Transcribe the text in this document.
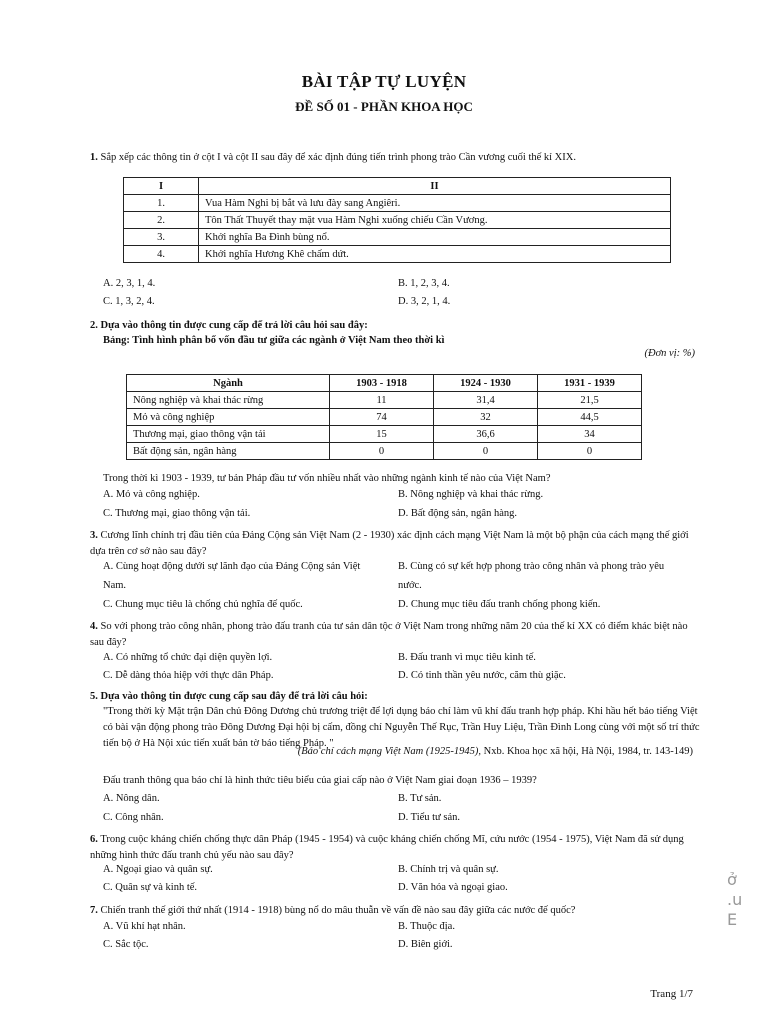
BÀI TẬP TỰ LUYỆN
ĐỀ SỐ 01 - PHẦN KHOA HỌC
1. Sắp xếp các thông tin ở cột I và cột II sau đây để xác định đúng tiến trình phong trào Cần vương cuối thế kỉ XIX.
I	II
1.	Vua Hàm Nghi bị bắt và lưu đày sang Angiêri.
2.	Tôn Thất Thuyết thay mặt vua Hàm Nghi xuống chiếu Cần Vương.
3.	Khởi nghĩa Ba Đình bùng nổ.
4.	Khởi nghĩa Hương Khê chấm dứt.
A. 2, 3, 1, 4.	B. 1, 2, 3, 4.
C. 1, 3, 2, 4.	D. 3, 2, 1, 4.
2. Dựa vào thông tin được cung cấp để trả lời câu hỏi sau đây:
Bảng: Tình hình phân bổ vốn đầu tư giữa các ngành ở Việt Nam theo thời kì
(Đơn vị: %)
Ngành	1903 - 1918	1924 - 1930	1931 - 1939
Nông nghiệp và khai thác rừng	11	31,4	21,5
Mỏ và công nghiệp	74	32	44,5
Thương mại, giao thông vận tải	15	36,6	34
Bất động sản, ngân hàng	0	0	0
Trong thời kì 1903 - 1939, tư bản Pháp đầu tư vốn nhiều nhất vào những ngành kinh tế nào của Việt Nam?
A. Mỏ và công nghiệp.	B. Nông nghiệp và khai thác rừng.
C. Thương mại, giao thông vận tải.	D. Bất động sản, ngân hàng.
3. Cương lĩnh chính trị đầu tiên của Đảng Cộng sản Việt Nam (2 - 1930) xác định cách mạng Việt Nam là một bộ phận của cách mạng thế giới dựa trên cơ sở nào sau đây?
A. Cùng hoạt động dưới sự lãnh đạo của Đảng Cộng sản Việt
Nam.
B. Cùng có sự kết hợp phong trào công nhân và phong trào yêu
nước.
C. Chung mục tiêu là chống chủ nghĩa đế quốc.	D. Chung mục tiêu đấu tranh chống phong kiến.
4. So với phong trào công nhân, phong trào đấu tranh của tư sản dân tộc ở Việt Nam trong những năm 20 của thế kỉ XX có điểm khác biệt nào sau đây?
A. Có những tổ chức đại diện quyền lợi.	B. Đấu tranh vì mục tiêu kinh tế.
C. Dễ dàng thỏa hiệp với thực dân Pháp.	D. Có tinh thần yêu nước, căm thù giặc.
5. Dựa vào thông tin được cung cấp sau đây để trả lời câu hỏi:
"Trong thời kỳ Mặt trận Dân chủ Đông Dương chủ trương triệt để lợi dụng báo chí làm vũ khí đấu tranh hợp pháp. Khi hầu hết báo tiếng Việt có bài vận động phong trào Đông Dương Đại hội bị cấm, đồng chí Nguyễn Thế Rục, Trần Huy Liệu, Trần Đình Long cùng với một số trí thức tiến bộ ở Hà Nội xúc tiến xuất bản tờ báo tiếng Pháp. "
(Báo chí cách mạng Việt Nam (1925-1945), Nxb. Khoa học xã hội, Hà Nội, 1984, tr. 143-149)
Đấu tranh thông qua báo chí là hình thức tiêu biểu của giai cấp nào ở Việt Nam giai đoạn 1936 – 1939?
A. Nông dân.	B. Tư sản.
C. Công nhân.	D. Tiểu tư sản.
6. Trong cuộc kháng chiến chống thực dân Pháp (1945 - 1954) và cuộc kháng chiến chống Mĩ, cứu nước (1954 - 1975), Việt Nam đã sử dụng những hình thức đấu tranh chủ yếu nào sau đây?
A. Ngoại giao và quân sự.	B. Chính trị và quân sự.
C. Quân sự và kinh tế.	D. Văn hóa và ngoại giao.
7. Chiến tranh thế giới thứ nhất (1914 - 1918) bùng nổ do mâu thuẫn về vấn đề nào sau đây giữa các nước đế quốc?
A. Vũ khí hạt nhân.	B. Thuộc địa.
C. Sắc tộc.	D. Biên giới.
ở
.u
E
Trang 1/7
